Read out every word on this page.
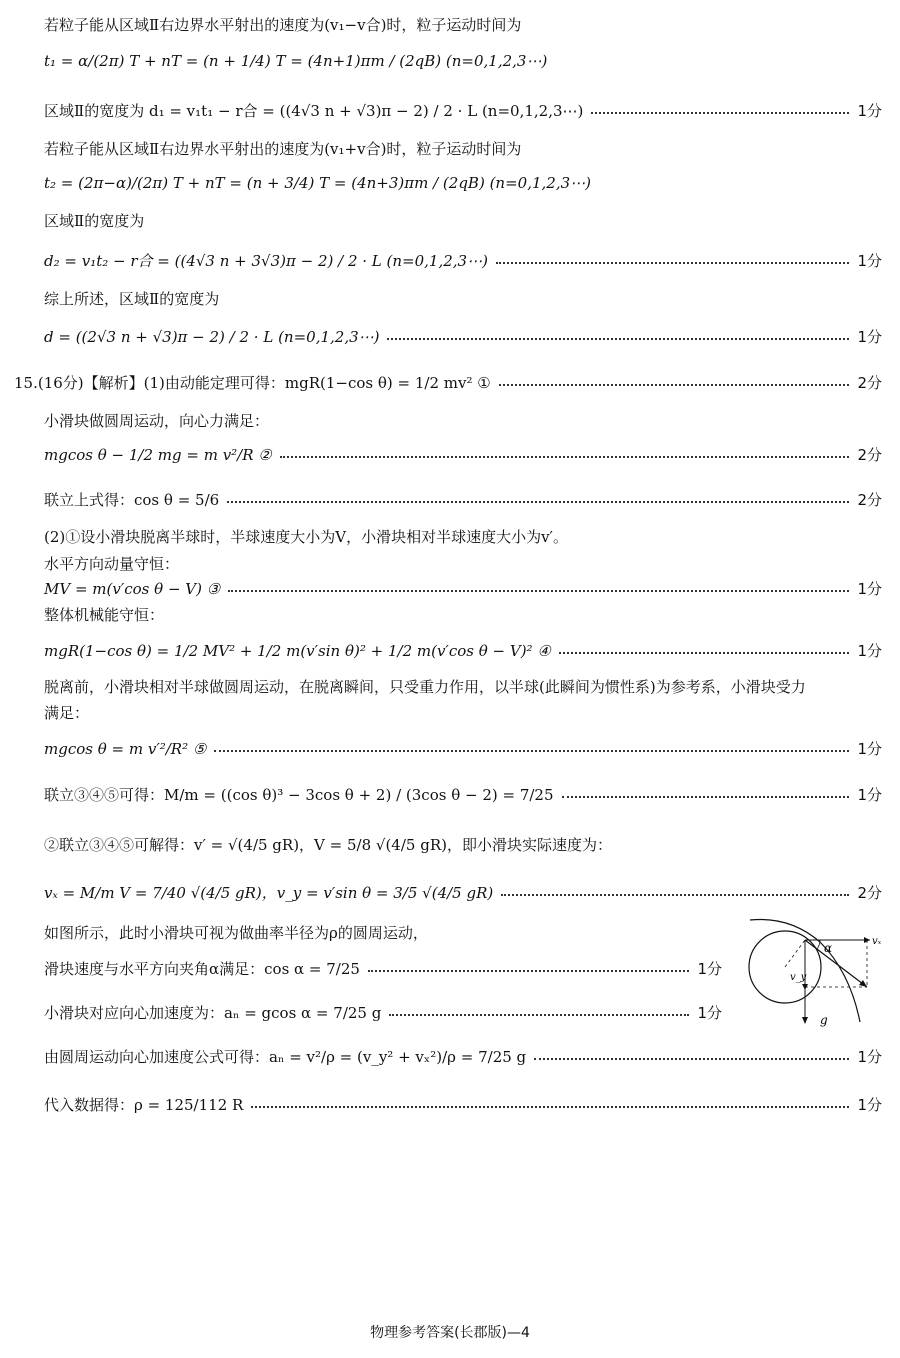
若粒子能从区域Ⅱ右边界水平射出的速度为(v₁−v合)时，粒子运动时间为
t₁ = α/(2π) T + nT = (n + 1/4) T = (4n+1)πm / (2qB) (n=0,1,2,3⋯)
区域Ⅱ的宽度为 d₁ = v₁t₁ − r合 = ((4√3 n + √3)π − 2) / 2 · L (n=0,1,2,3⋯)	1分
若粒子能从区域Ⅱ右边界水平射出的速度为(v₁+v合)时，粒子运动时间为
t₂ = (2π−α)/(2π) T + nT = (n + 3/4) T = (4n+3)πm / (2qB) (n=0,1,2,3⋯)
区域Ⅱ的宽度为
d₂ = v₁t₂ − r合 = ((4√3 n + 3√3)π − 2) / 2 · L (n=0,1,2,3⋯)	1分
综上所述，区域Ⅱ的宽度为
d = ((2√3 n + √3)π − 2) / 2 · L (n=0,1,2,3⋯)	1分
15.(16分)【解析】(1)由动能定理可得：mgR(1−cos θ) = 1/2 mv² ①	2分
小滑块做圆周运动，向心力满足：
mgcos θ − 1/2 mg = m v²/R ②	2分
联立上式得：cos θ = 5/6	2分
(2)①设小滑块脱离半球时，半球速度大小为V，小滑块相对半球速度大小为v′。
水平方向动量守恒：
MV = m(v′cos θ − V) ③	1分
整体机械能守恒：
mgR(1−cos θ) = 1/2 MV² + 1/2 m(v′sin θ)² + 1/2 m(v′cos θ − V)² ④	1分
脱离前，小滑块相对半球做圆周运动，在脱离瞬间，只受重力作用，以半球(此瞬间为惯性系)为参考系，小滑块受力
满足：
mgcos θ = m v′²/R² ⑤	1分
联立③④⑤可得：M/m = ((cos θ)³ − 3cos θ + 2) / (3cos θ − 2) = 7/25	1分
②联立③④⑤可解得：v′ = √(4/5 gR)，V = 5/8 √(4/5 gR)，即小滑块实际速度为：
vₓ = M/m V = 7/40 √(4/5 gR)，v_y = v′sin θ = 3/5 √(4/5 gR)	2分
如图所示，此时小滑块可视为做曲率半径为ρ的圆周运动，
滑块速度与水平方向夹角α满足：cos α = 7/25	1分
小滑块对应向心加速度为：aₙ = gcos α = 7/25 g	1分
由圆周运动向心加速度公式可得：aₙ = v²/ρ = (v_y² + vₓ²)/ρ = 7/25 g	1分
代入数据得：ρ = 125/112 R	1分
α	vₓ
v_y
g
物理参考答案(长郡版)—4
